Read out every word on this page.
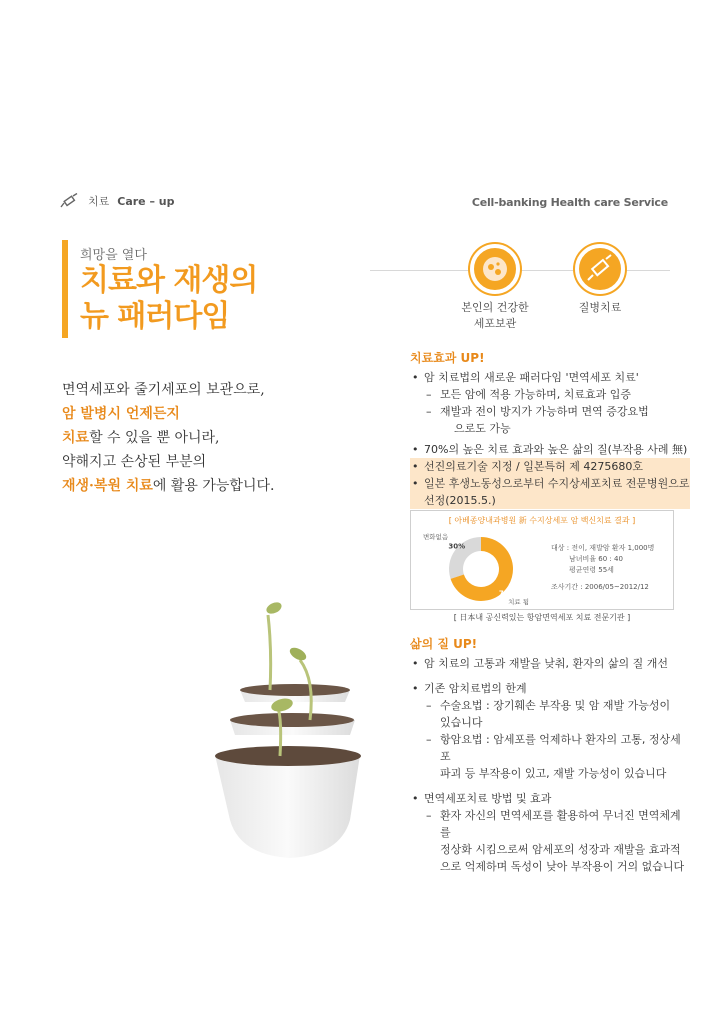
치료 Care – up	Cell-banking Health care Service
희망을 열다
치료와 재생의
뉴 패러다임
면역세포와 줄기세포의 보관으로,
암 발병시 언제든지
치료할 수 있을 뿐 아니라,
약해지고 손상된 부분의
재생·복원 치료에 활용 가능합니다.
본인의 건강한
세포보관
질병치료
치료효과 UP!
• 암 치료법의 새로운 패러다임 '면역세포 치료'
– 모든 암에 적용 가능하며, 치료효과 입증
– 재발과 전이 방지가 가능하며 면역 증강요법
으로도 가능
• 70%의 높은 치료 효과와 높은 삶의 질(부작용 사례 無)
• 선진의료기술 지정 / 일본특허 제 4275680호
• 일본 후생노동성으로부터 수지상세포치료 전문병원으로
선정(2015.5.)
[ 아베종양내과병원 新 수지상세포 암 백신치료 결과 ]
30%
70%
변화없음
치료 됨
대상 : 전이, 재발암 환자 1,000명
남녀비율 60 : 40
평균연령 55세
조사기간 : 2006/05~2012/12
[ 日本내 공신력있는 항암면역세포 치료 전문기관 ]
삶의 질 UP!
• 암 치료의 고통과 재발을 낮춰, 환자의 삶의 질 개선
• 기존 암치료법의 한계
– 수술요법 : 장기훼손 부작용 및 암 재발 가능성이
있습니다
– 항암요법 : 암세포를 억제하나 환자의 고통, 정상세포
파괴 등 부작용이 있고, 재발 가능성이 있습니다
• 면역세포치료 방법 및 효과
– 환자 자신의 면역세포를 활용하여 무너진 면역체계를
정상화 시킴으로써 암세포의 성장과 재발을 효과적
으로 억제하며 독성이 낮아 부작용이 거의 없습니다
